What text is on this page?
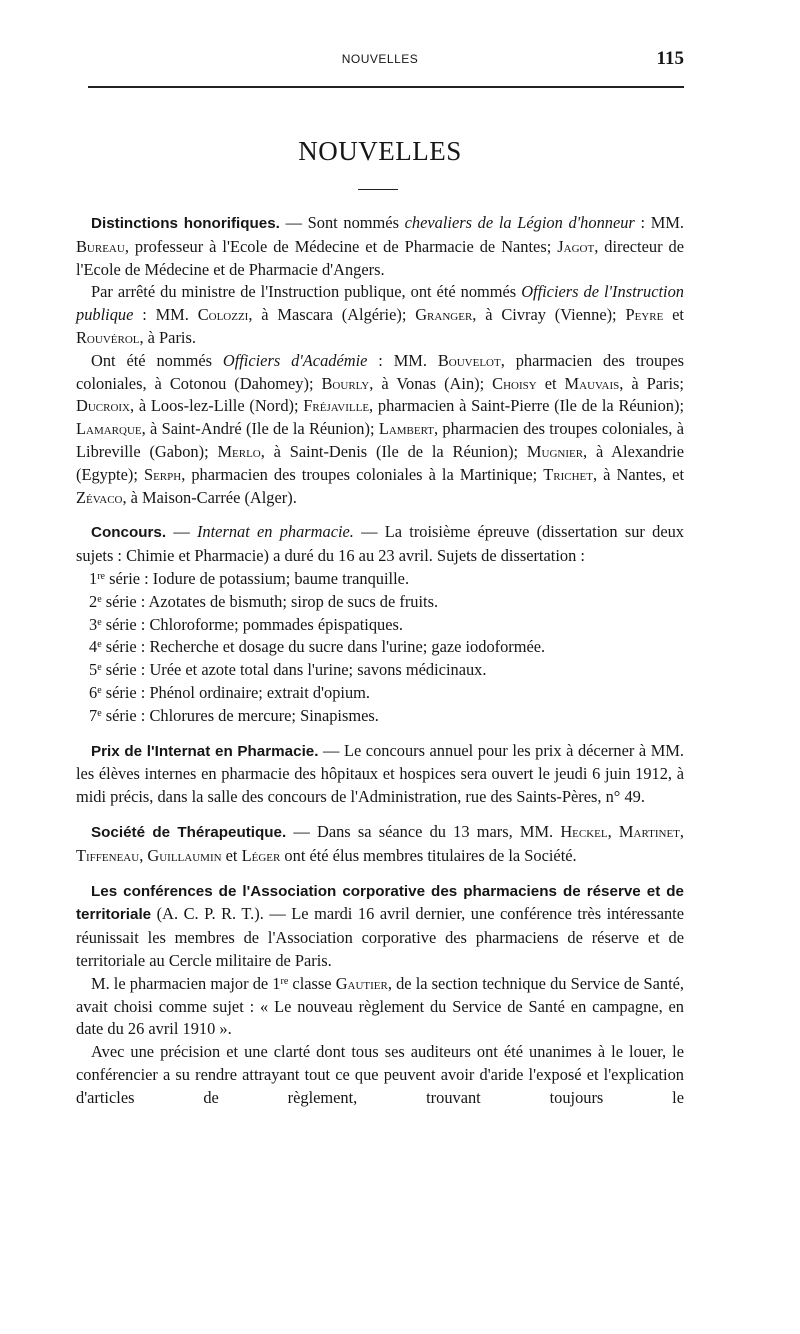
NOUVELLES	115
NOUVELLES

Distinctions honorifiques. — Sont nommés chevaliers de la Légion d'honneur : MM. Bureau, professeur à l'Ecole de Médecine et de Pharmacie de Nantes; Jagot, directeur de l'Ecole de Médecine et de Pharmacie d'Angers.

Par arrêté du ministre de l'Instruction publique, ont été nommés Officiers de l'Instruction publique : MM. Colozzi, à Mascara (Algérie); Granger, à Civray (Vienne); Peyre et Rouvérol, à Paris.

Ont été nommés Officiers d'Académie : MM. Bouvelot, pharmacien des troupes coloniales, à Cotonou (Dahomey); Bourly, à Vonas (Ain); Choisy et Mauvais, à Paris; Ducroix, à Loos-lez-Lille (Nord); Fréjaville, pharmacien à Saint-Pierre (Ile de la Réunion); Lamarque, à Saint-André (Ile de la Réunion); Lambert, pharmacien des troupes coloniales, à Libreville (Gabon); Merlo, à Saint-Denis (Ile de la Réunion); Mugnier, à Alexandrie (Egypte); Serph, pharmacien des troupes coloniales à la Martinique; Trichet, à Nantes, et Zévaco, à Maison-Carrée (Alger).

Concours. — Internat en pharmacie. — La troisième épreuve (dissertation sur deux sujets : Chimie et Pharmacie) a duré du 16 au 23 avril. Sujets de dissertation :

1re série : Iodure de potassium; baume tranquille.

2e série : Azotates de bismuth; sirop de sucs de fruits.

3e série : Chloroforme; pommades épispatiques.

4e série : Recherche et dosage du sucre dans l'urine; gaze iodoformée.

5e série : Urée et azote total dans l'urine; savons médicinaux.

6e série : Phénol ordinaire; extrait d'opium.

7e série : Chlorures de mercure; Sinapismes.

Prix de l'Internat en Pharmacie. — Le concours annuel pour les prix à décerner à MM. les élèves internes en pharmacie des hôpitaux et hospices sera ouvert le jeudi 6 juin 1912, à midi précis, dans la salle des concours de l'Administration, rue des Saints-Pères, n° 49.

Société de Thérapeutique. — Dans sa séance du 13 mars, MM. Heckel, Martinet, Tiffeneau, Guillaumin et Léger ont été élus membres titulaires de la Société.

Les conférences de l'Association corporative des pharmaciens de réserve et de territoriale (A. C. P. R. T.). — Le mardi 16 avril dernier, une conférence très intéressante réunissait les membres de l'Association corporative des pharmaciens de réserve et de territoriale au Cercle militaire de Paris.

M. le pharmacien major de 1re classe Gautier, de la section technique du Service de Santé, avait choisi comme sujet : « Le nouveau règlement du Service de Santé en campagne, en date du 26 avril 1910 ».

Avec une précision et une clarté dont tous ses auditeurs ont été unanimes à le louer, le conférencier a su rendre attrayant tout ce que peuvent avoir d'aride l'exposé et l'explication d'articles de règlement, trouvant toujours le
